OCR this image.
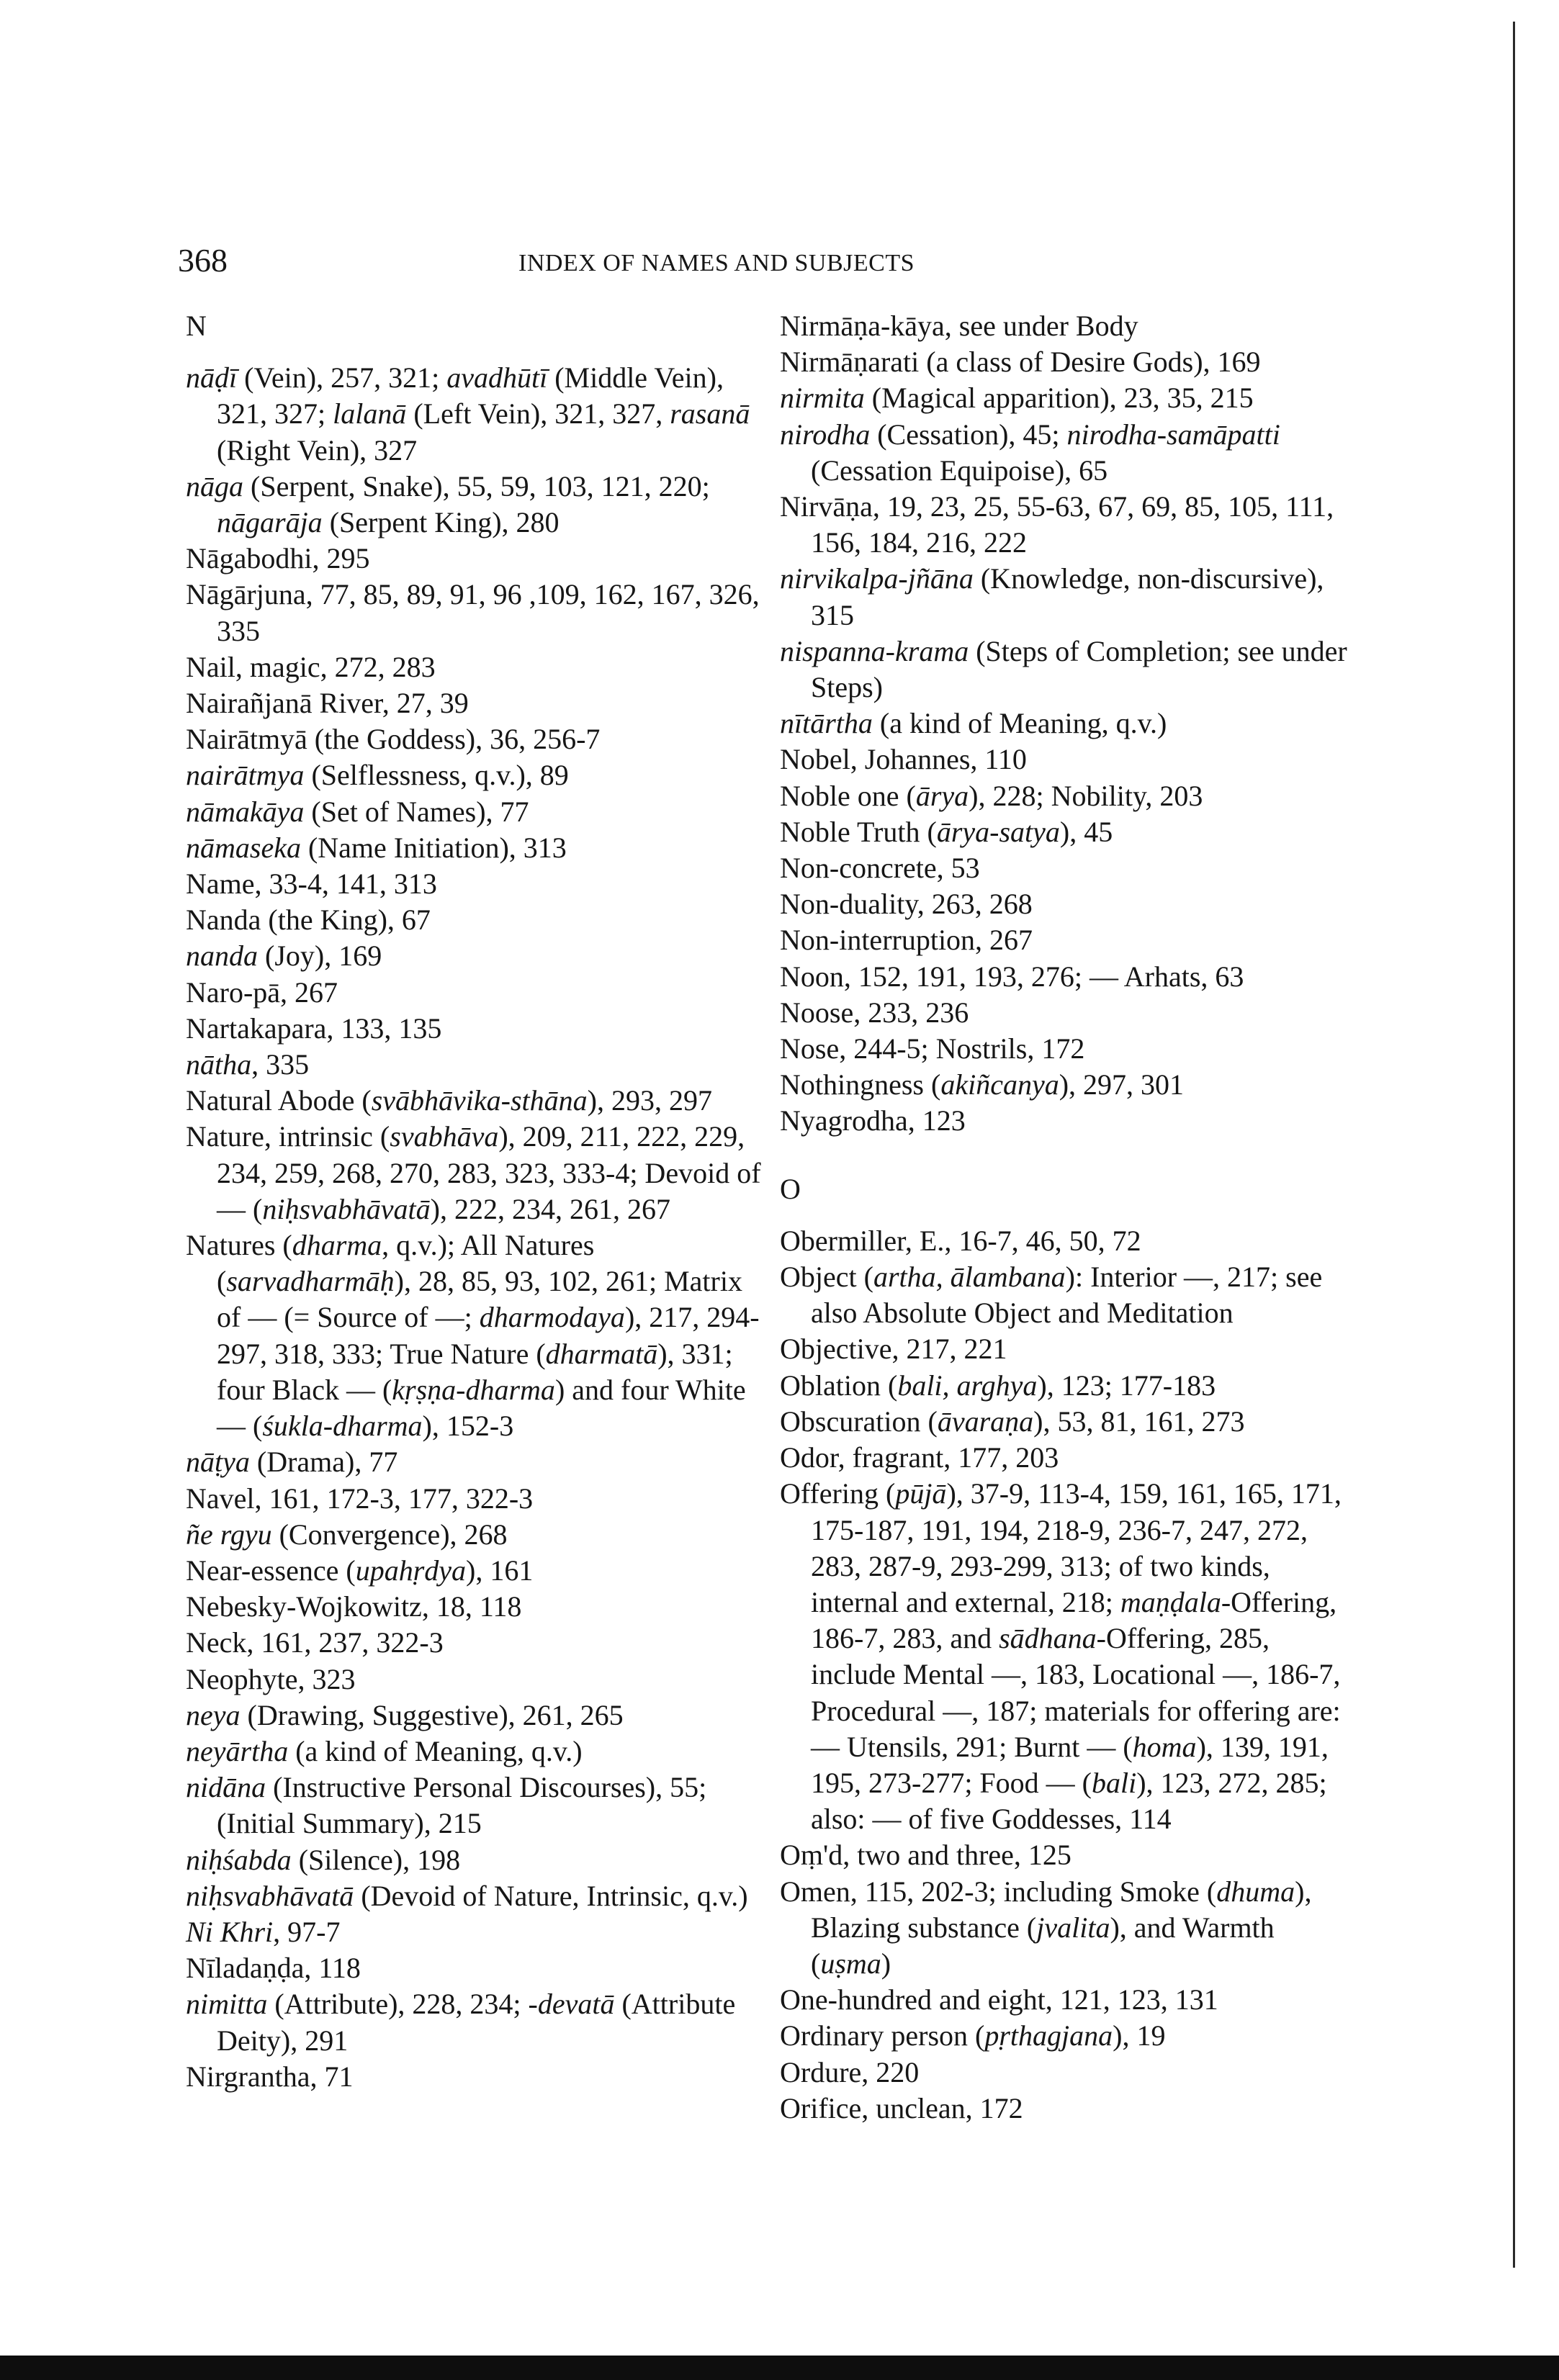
368	INDEX OF NAMES AND SUBJECTS
N

nāḍī (Vein), 257, 321; avadhūtī (Middle Vein), 321, 327; lalanā (Left Vein), 321, 327, rasanā (Right Vein), 327

nāga (Serpent, Snake), 55, 59, 103, 121, 220; nāgarāja (Serpent King), 280

Nāgabodhi, 295

Nāgārjuna, 77, 85, 89, 91, 96 ,109, 162, 167, 326, 335

Nail, magic, 272, 283

Nairañjanā River, 27, 39

Nairātmyā (the Goddess), 36, 256-7

nairātmya (Selflessness, q.v.), 89

nāmakāya (Set of Names), 77

nāmaseka (Name Initiation), 313

Name, 33-4, 141, 313

Nanda (the King), 67

nanda (Joy), 169

Naro-pā, 267

Nartakapara, 133, 135

nātha, 335

Natural Abode (svābhāvika-sthāna), 293, 297

Nature, intrinsic (svabhāva), 209, 211, 222, 229, 234, 259, 268, 270, 283, 323, 333-4; Devoid of — (niḥsvabhāvatā), 222, 234, 261, 267

Natures (dharma, q.v.); All Natures (sarvadharmāḥ), 28, 85, 93, 102, 261; Matrix of — (= Source of —; dharmodaya), 217, 294-297, 318, 333; True Nature (dharmatā), 331; four Black — (kṛṣṇa-dharma) and four White — (śukla-dharma), 152-3

nāṭya (Drama), 77

Navel, 161, 172-3, 177, 322-3

ñe rgyu (Convergence), 268

Near-essence (upahṛdya), 161

Nebesky-Wojkowitz, 18, 118

Neck, 161, 237, 322-3

Neophyte, 323

neya (Drawing, Suggestive), 261, 265

neyārtha (a kind of Meaning, q.v.)

nidāna (Instructive Personal Discourses), 55; (Initial Summary), 215

niḥśabda (Silence), 198

niḥsvabhāvatā (Devoid of Nature, Intrinsic, q.v.)

Ni Khri, 97-7

Nīladaṇḍa, 118

nimitta (Attribute), 228, 234; -devatā (Attribute Deity), 291

Nirgrantha, 71

Nirmāṇa-kāya, see under Body

Nirmāṇarati (a class of Desire Gods), 169

nirmita (Magical apparition), 23, 35, 215

nirodha (Cessation), 45; nirodha-samāpatti (Cessation Equipoise), 65

Nirvāṇa, 19, 23, 25, 55-63, 67, 69, 85, 105, 111, 156, 184, 216, 222

nirvikalpa-jñāna (Knowledge, non-discursive), 315

nispanna-krama (Steps of Completion; see under Steps)

nītārtha (a kind of Meaning, q.v.)

Nobel, Johannes, 110

Noble one (ārya), 228; Nobility, 203

Noble Truth (ārya-satya), 45

Non-concrete, 53

Non-duality, 263, 268

Non-interruption, 267

Noon, 152, 191, 193, 276; — Arhats, 63

Noose, 233, 236

Nose, 244-5; Nostrils, 172

Nothingness (akiñcanya), 297, 301

Nyagrodha, 123

O

Obermiller, E., 16-7, 46, 50, 72

Object (artha, ālambana): Interior —, 217; see also Absolute Object and Meditation

Objective, 217, 221

Oblation (bali, arghya), 123; 177-183

Obscuration (āvaraṇa), 53, 81, 161, 273

Odor, fragrant, 177, 203

Offering (pūjā), 37-9, 113-4, 159, 161, 165, 171, 175-187, 191, 194, 218-9, 236-7, 247, 272, 283, 287-9, 293-299, 313; of two kinds, internal and external, 218; maṇḍala-Offering, 186-7, 283, and sādhana-Offering, 285, include Mental —, 183, Locational —, 186-7, Procedural —, 187; materials for offering are: — Utensils, 291; Burnt — (homa), 139, 191, 195, 273-277; Food — (bali), 123, 272, 285; also: — of five Goddesses, 114

Oṃ'd, two and three, 125

Omen, 115, 202-3; including Smoke (dhuma), Blazing substance (jvalita), and Warmth (uṣma)

One-hundred and eight, 121, 123, 131

Ordinary person (pṛthagjana), 19

Ordure, 220

Orifice, unclean, 172
